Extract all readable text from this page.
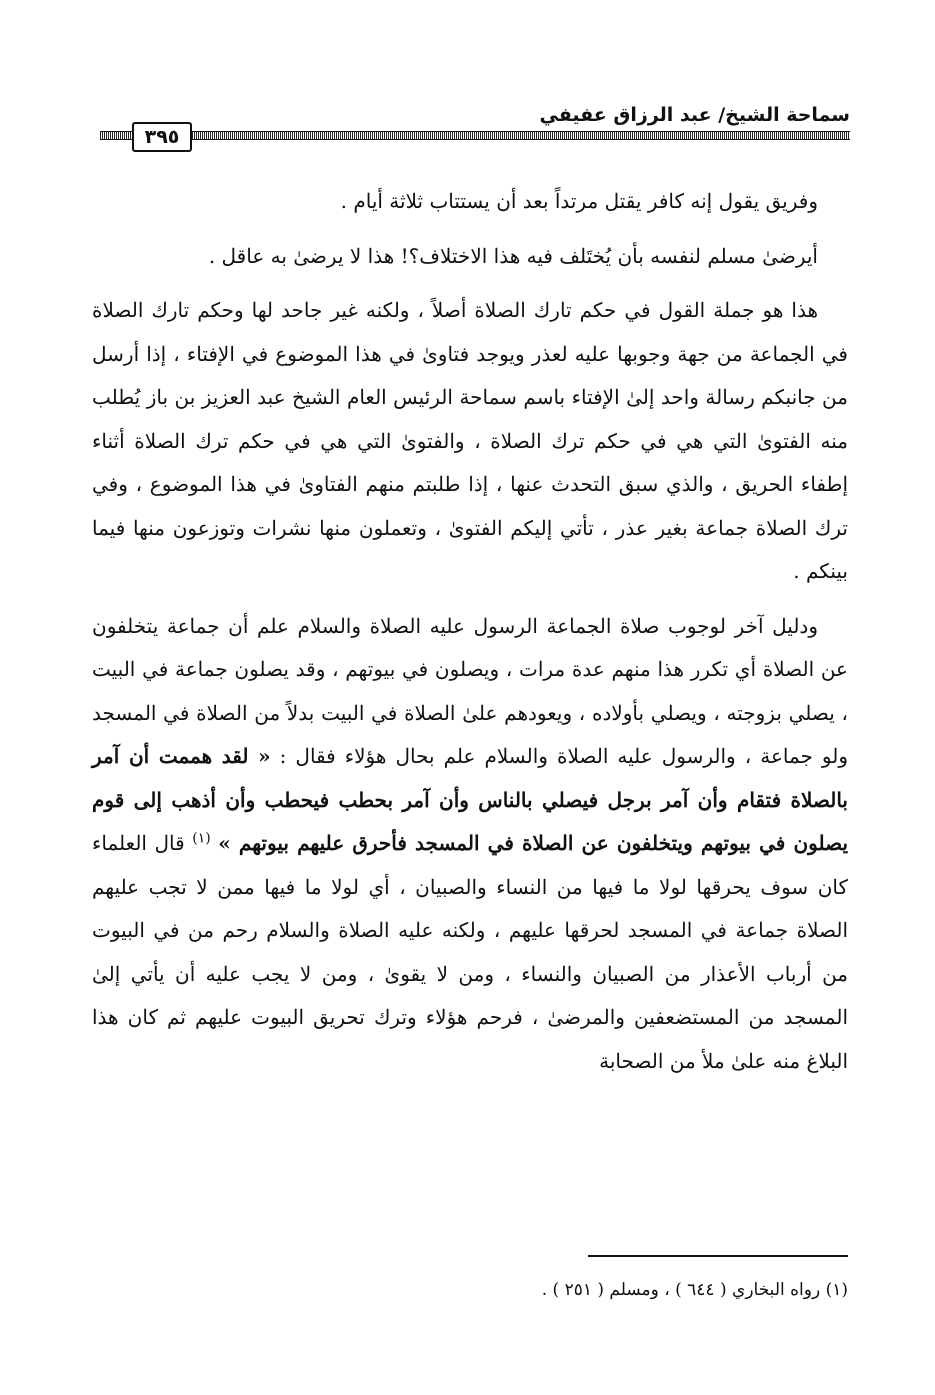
سماحة الشيخ/ عبد الرزاق عفيفي
٣٩٥

وفريق يقول إنه كافر يقتل مرتداً بعد أن يستتاب ثلاثة أيام .

أيرضىٰ مسلم لنفسه بأن يُختَلف فيه هذا الاختلاف؟! هذا لا يرضىٰ به عاقل .

هذا هو جملة القول في حكم تارك الصلاة أصلاً ، ولكنه غير جاحد لها وحكم تارك الصلاة في الجماعة من جهة وجوبها عليه لعذر ويوجد فتاوىٰ في هذا الموضوع في الإفتاء ، إذا أرسل من جانبكم رسالة واحد إلىٰ الإفتاء باسم سماحة الرئيس العام الشيخ عبد العزيز بن باز يُطلب منه الفتوىٰ التي هي في حكم ترك الصلاة ، والفتوىٰ التي هي في حكم ترك الصلاة أثناء إطفاء الحريق ، والذي سبق التحدث عنها ، إذا طلبتم منهم الفتاوىٰ في هذا الموضوع ، وفي ترك الصلاة جماعة بغير عذر ، تأتي إليكم الفتوىٰ ، وتعملون منها نشرات وتوزعون منها فيما بينكم .

ودليل آخر لوجوب صلاة الجماعة الرسول عليه الصلاة والسلام علم أن جماعة يتخلفون عن الصلاة أي تكرر هذا منهم عدة مرات ، ويصلون في بيوتهم ، وقد يصلون جماعة في البيت ، يصلي بزوجته ، ويصلي بأولاده ، ويعودهم علىٰ الصلاة في البيت بدلاً من الصلاة في المسجد ولو جماعة ، والرسول عليه الصلاة والسلام علم بحال هؤلاء فقال : « لقد هممت أن آمر بالصلاة فتقام وأن آمر برجل فيصلي بالناس وأن آمر بحطب فيحطب وأن أذهب إلى قوم يصلون في بيوتهم ويتخلفون عن الصلاة في المسجد فأحرق عليهم بيوتهم » $^{(١)}$ قال العلماء كان سوف يحرقها لولا ما فيها من النساء والصبيان ، أي لولا ما فيها ممن لا تجب عليهم الصلاة جماعة في المسجد لحرقها عليهم ، ولكنه عليه الصلاة والسلام رحم من في البيوت من أرباب الأعذار من الصبيان والنساء ، ومن لا يقوىٰ ، ومن لا يجب عليه أن يأتي إلىٰ المسجد من المستضعفين والمرضىٰ ، فرحم هؤلاء وترك تحريق البيوت عليهم ثم كان هذا البلاغ منه علىٰ ملأ من الصحابة

(١) رواه البخاري ( ٦٤٤ ) ، ومسلم ( ٢٥١ ) .
